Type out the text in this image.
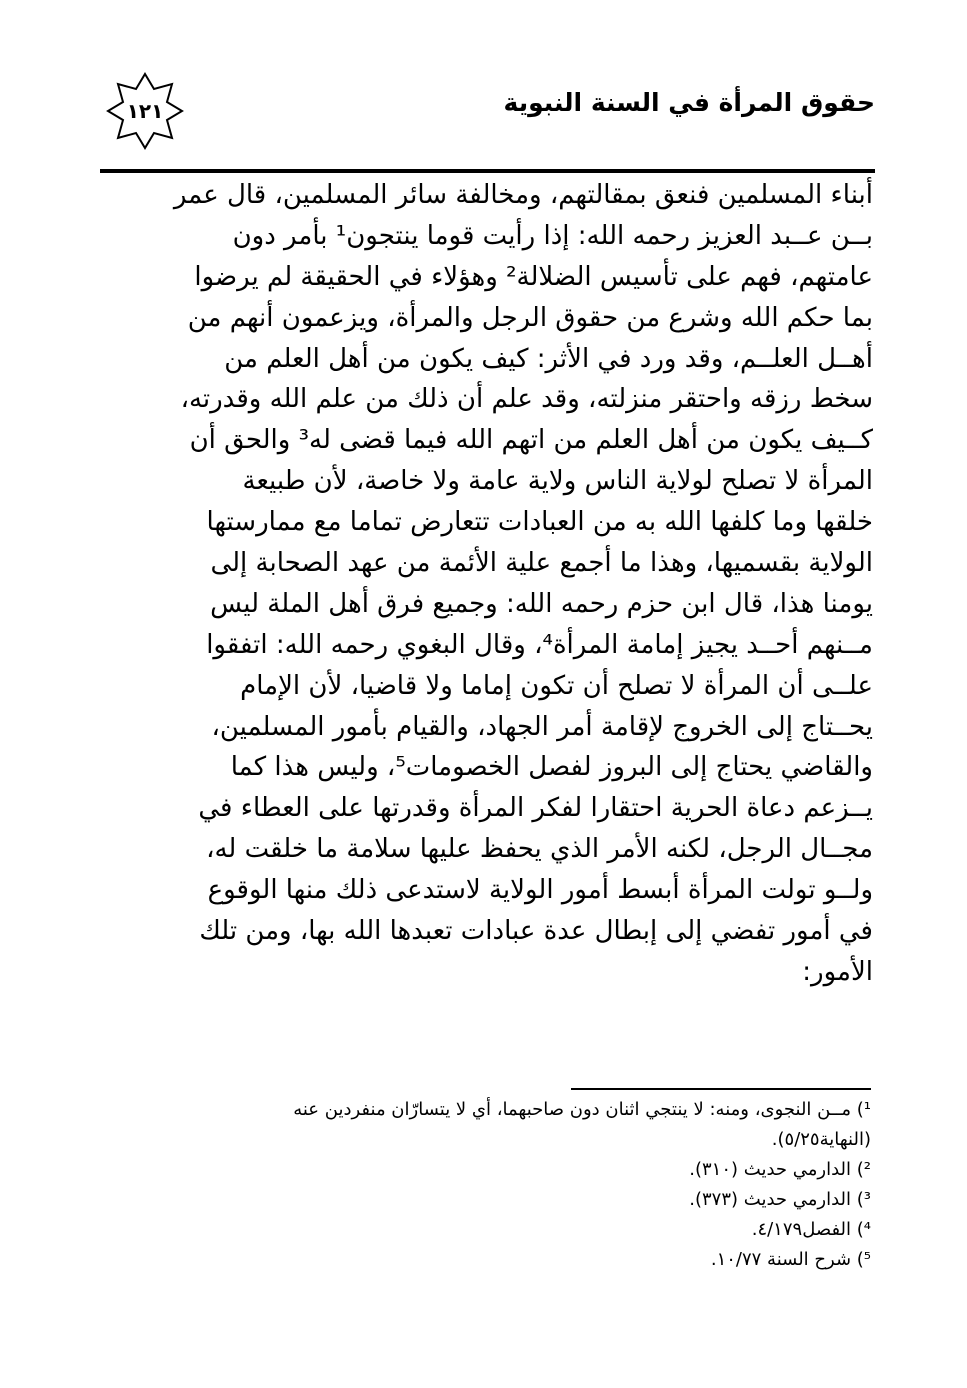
١٢١	حقوق المرأة في السنة النبوية
أبناء المسلمين فنعق بمقالتهم، ومخالفة سائر المسلمين، قال عمر
بــن عــبد العزيز رحمه الله: إذا رأيت قوما ينتجون¹ بأمر دون
عامتهم، فهم على تأسيس الضلالة² وهؤلاء في الحقيقة لم يرضوا
بما حكم الله وشرع من حقوق الرجل والمرأة، ويزعمون أنهم من
أهــل العلــم، وقد ورد في الأثر: كيف يكون من أهل العلم من
سخط رزقه واحتقر منزلته، وقد علم أن ذلك من علم الله وقدرته،
كــيف يكون من أهل العلم من اتهم الله فيما قضى له³ والحق أن
المرأة لا تصلح لولاية الناس ولاية عامة ولا خاصة، لأن طبيعة
خلقها وما كلفها الله به من العبادات تتعارض تماما مع ممارستها
الولاية بقسميها، وهذا ما أجمع علية الأئمة من عهد الصحابة إلى
يومنا هذا، قال ابن حزم رحمه الله: وجميع فرق أهل الملة ليس
مــنهم أحــد يجيز إمامة المرأة⁴، وقال البغوي رحمه الله: اتفقوا
علــى أن المرأة لا تصلح أن تكون إماما ولا قاضيا، لأن الإمام
يحــتاج إلى الخروج لإقامة أمر الجهاد، والقيام بأمور المسلمين،
والقاضي يحتاج إلى البروز لفصل الخصومات⁵، وليس هذا كما
يــزعم دعاة الحرية احتقارا لفكر المرأة وقدرتها على العطاء في
مجــال الرجل، لكنه الأمر الذي يحفظ عليها سلامة ما خلقت له،
ولــو تولت المرأة أبسط أمور الولاية لاستدعى ذلك منها الوقوع
في أمور تفضي إلى إبطال عدة عبادات تعبدها الله بها، ومن تلك
الأمور:
¹) مــن النجوى، ومنه: لا ينتجي اثنان دون صاحبهما، أي لا يتسارّان منفردين عنه
(النهاية٥/٢٥).
²) الدارمي حديث (٣١٠).
³) الدارمي حديث (٣٧٣).
⁴) الفصل٤/١٧٩.
⁵) شرح السنة ١٠/٧٧.
